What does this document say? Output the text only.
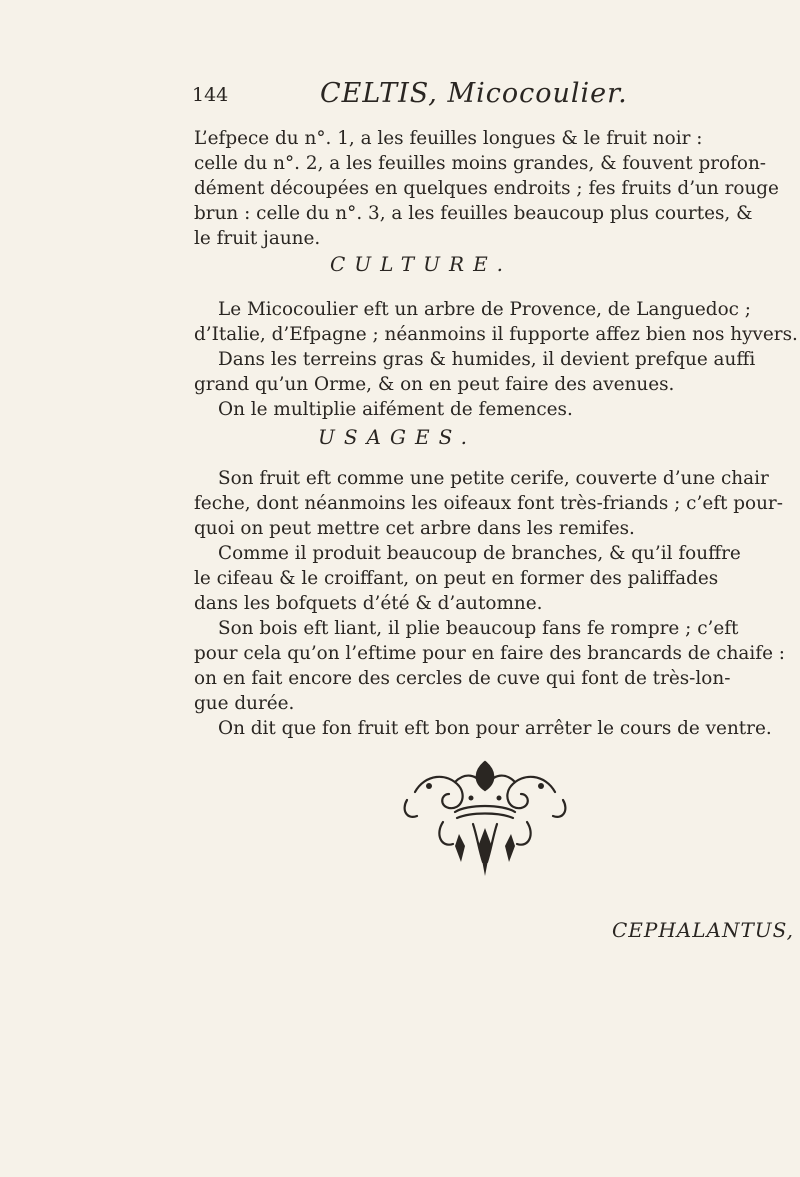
144	CELTIS, Micocoulier.

L’efpece du n°. 1, a les feuilles longues & le fruit noir :
celle du n°. 2, a les feuilles moins grandes, & fouvent profon-
dément découpées en quelques endroits ; fes fruits d’un rouge
brun : celle du n°. 3, a les feuilles beaucoup plus courtes, &
le fruit jaune.

CULTURE.

Le Micocoulier eft un arbre de Provence, de Languedoc ;
d’Italie, d’Efpagne ; néanmoins il fupporte affez bien nos hyvers.
Dans les terreins gras & humides, il devient prefque auffi
grand qu’un Orme, & on en peut faire des avenues.
On le multiplie aifément de femences.

USAGES.

Son fruit eft comme une petite cerife, couverte d’une chair
feche, dont néanmoins les oifeaux font très-friands ; c’eft pour-
quoi on peut mettre cet arbre dans les remifes.
Comme il produit beaucoup de branches, & qu’il fouffre
le cifeau & le croiffant, on peut en former des paliffades
dans les bofquets d’été & d’automne.
Son bois eft liant, il plie beaucoup fans fe rompre ; c’eft
pour cela qu’on l’eftime pour en faire des brancards de chaife :
on en fait encore des cercles de cuve qui font de très-lon-
gue durée.
On dit que fon fruit eft bon pour arrêter le cours de ventre.

CEPHALANTUS,
